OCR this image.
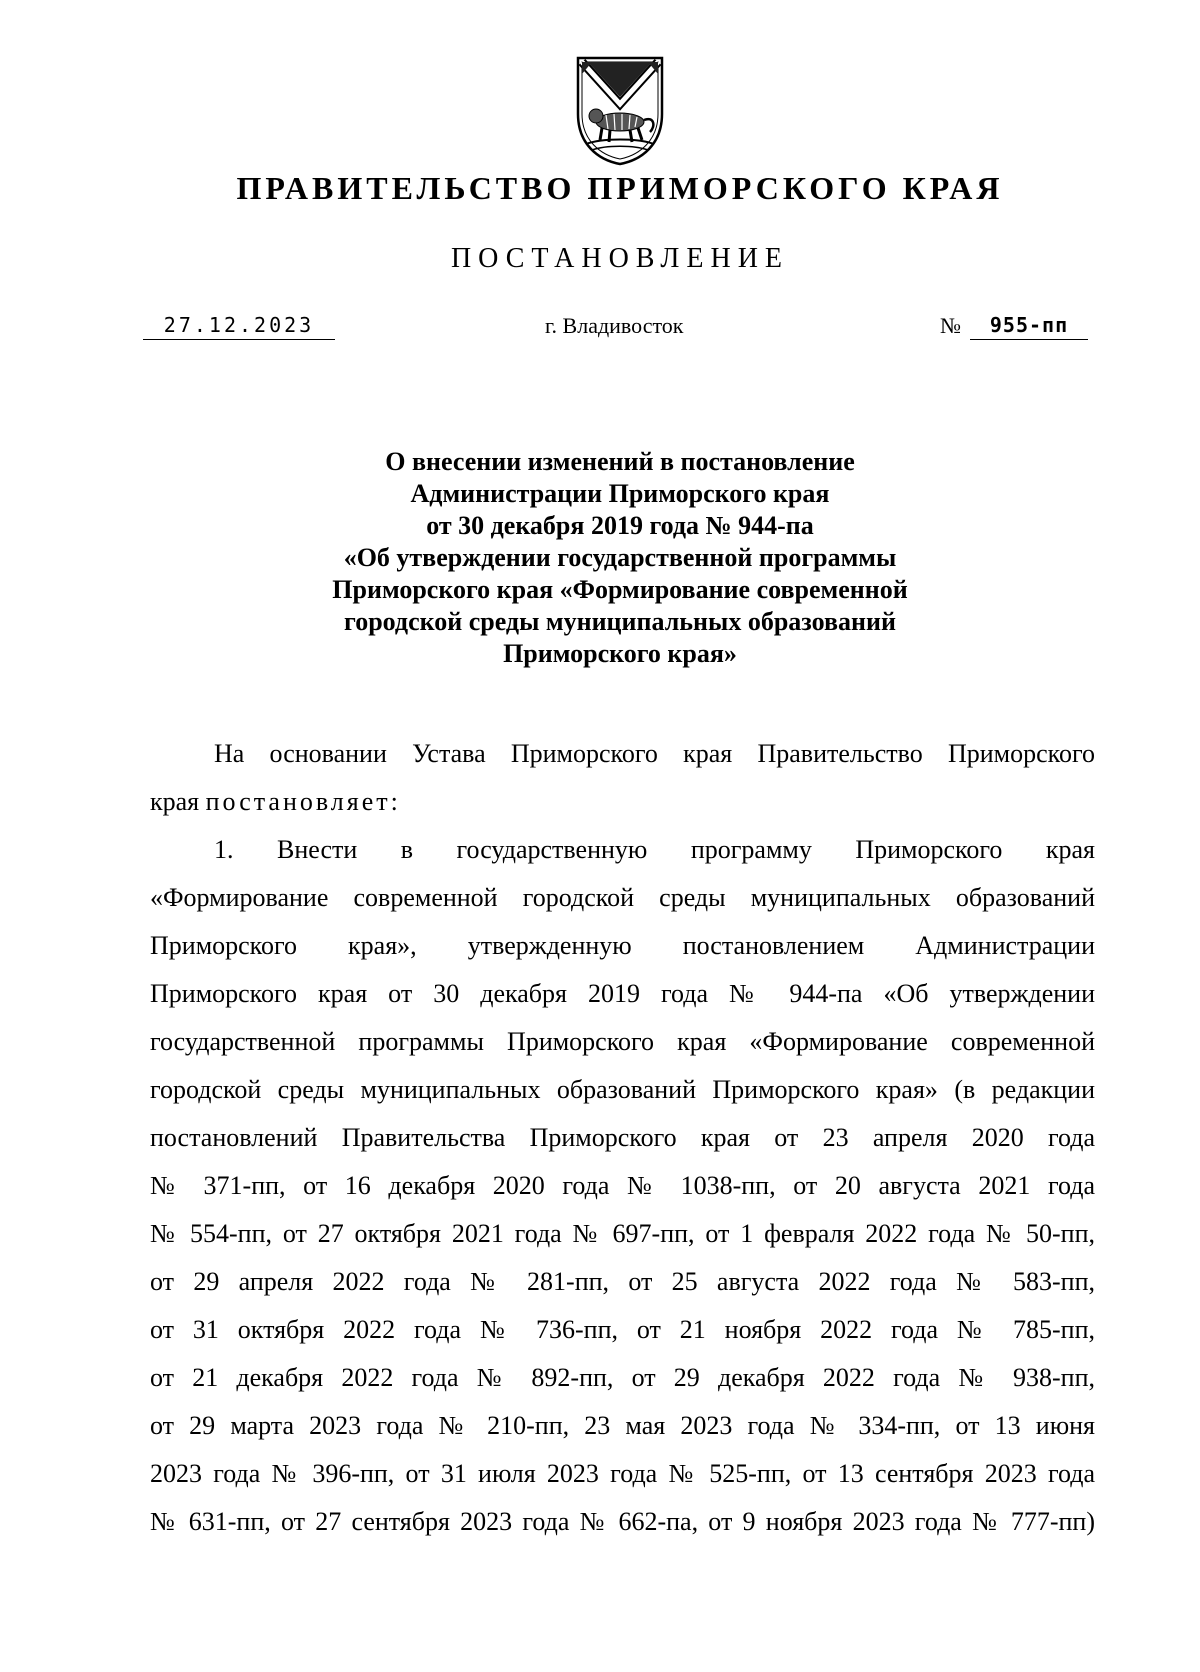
ПРАВИТЕЛЬСТВО ПРИМОРСКОГО КРАЯ
ПОСТАНОВЛЕНИЕ
27.12.2023	г. Владивосток	№	955-пп
О внесении изменений в постановление
Администрации Приморского края
от 30 декабря 2019 года № 944-па
«Об утверждении государственной программы
Приморского края «Формирование современной
городской среды муниципальных образований
Приморского края»
На основании Устава Приморского края Правительство Приморского
края постановляет:
1. Внести в государственную программу Приморского края
«Формирование современной городской среды муниципальных образований
Приморского края», утвержденную постановлением Администрации
Приморского края от 30 декабря 2019 года № 944-па «Об утверждении
государственной программы Приморского края «Формирование современной
городской среды муниципальных образований Приморского края» (в редакции
постановлений Правительства Приморского края от 23 апреля 2020 года
№ 371-пп, от 16 декабря 2020 года № 1038-пп, от 20 августа 2021 года
№ 554-пп, от 27 октября 2021 года № 697-пп, от 1 февраля 2022 года № 50-пп,
от 29 апреля 2022 года № 281-пп, от 25 августа 2022 года № 583-пп,
от 31 октября 2022 года № 736-пп, от 21 ноября 2022 года № 785-пп,
от 21 декабря 2022 года № 892-пп, от 29 декабря 2022 года № 938-пп,
от 29 марта 2023 года № 210-пп, 23 мая 2023 года № 334-пп, от 13 июня
2023 года № 396-пп, от 31 июля 2023 года № 525-пп, от 13 сентября 2023 года
№ 631-пп, от 27 сентября 2023 года № 662-па, от 9 ноября 2023 года № 777-пп)
